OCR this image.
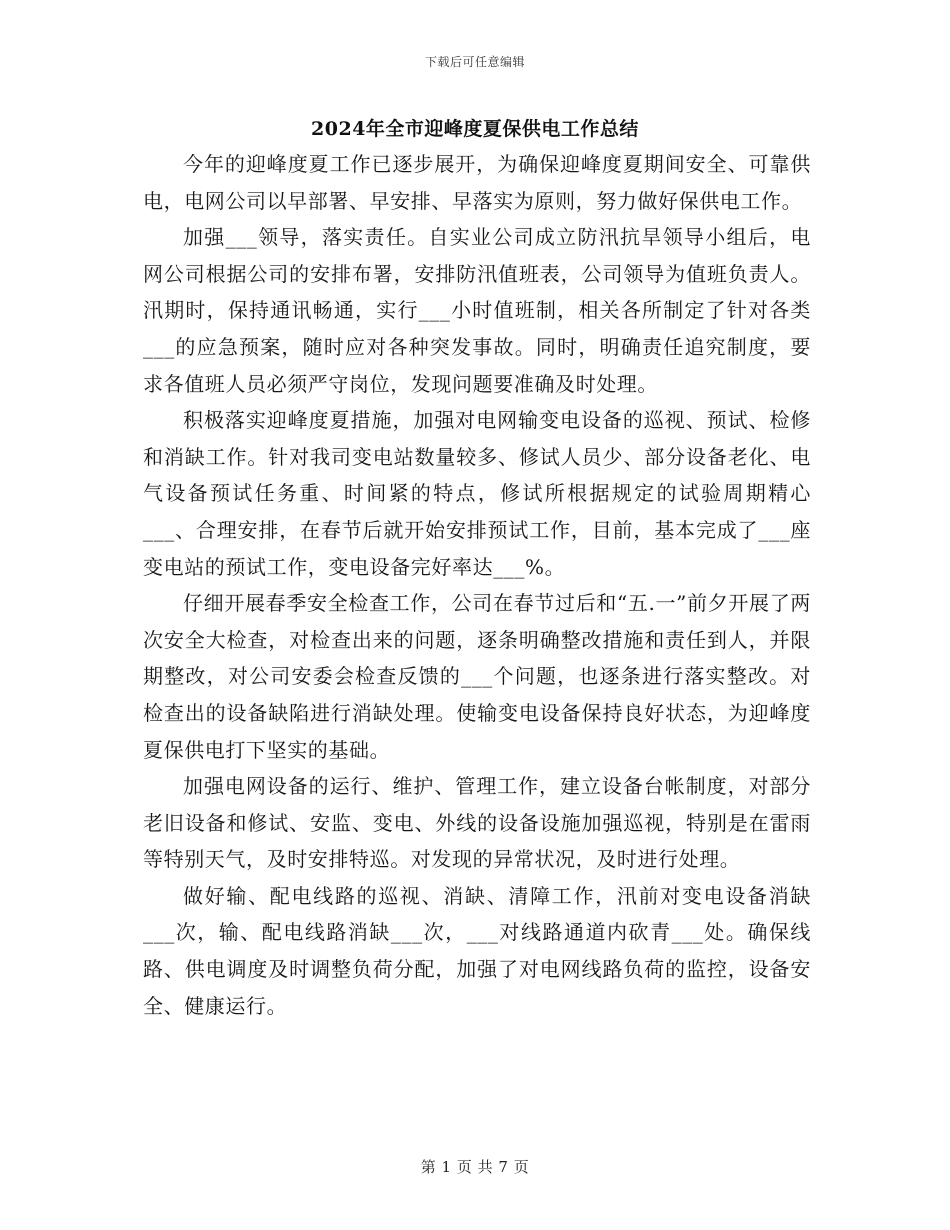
下载后可任意编辑
2024年全市迎峰度夏保供电工作总结

今年的迎峰度夏工作已逐步展开，为确保迎峰度夏期间安全、可靠供电，电网公司以早部署、早安排、早落实为原则，努力做好保供电工作。

加强___领导，落实责任。自实业公司成立防汛抗旱领导小组后，电网公司根据公司的安排布署，安排防汛值班表，公司领导为值班负责人。汛期时，保持通讯畅通，实行___小时值班制，相关各所制定了针对各类___的应急预案，随时应对各种突发事故。同时，明确责任追究制度，要求各值班人员必须严守岗位，发现问题要准确及时处理。

积极落实迎峰度夏措施，加强对电网输变电设备的巡视、预试、检修和消缺工作。针对我司变电站数量较多、修试人员少、部分设备老化、电气设备预试任务重、时间紧的特点，修试所根据规定的试验周期精心___、合理安排，在春节后就开始安排预试工作，目前，基本完成了___座变电站的预试工作，变电设备完好率达___%。

仔细开展春季安全检查工作，公司在春节过后和“五.一”前夕开展了两次安全大检查，对检查出来的问题，逐条明确整改措施和责任到人，并限期整改，对公司安委会检查反馈的___个问题，也逐条进行落实整改。对检查出的设备缺陷进行消缺处理。使输变电设备保持良好状态，为迎峰度夏保供电打下坚实的基础。

加强电网设备的运行、维护、管理工作，建立设备台帐制度，对部分老旧设备和修试、安监、变电、外线的设备设施加强巡视，特别是在雷雨等特别天气，及时安排特巡。对发现的异常状况，及时进行处理。

做好输、配电线路的巡视、消缺、清障工作，汛前对变电设备消缺___次，输、配电线路消缺___次，___对线路通道内砍青___处。确保线路、供电调度及时调整负荷分配，加强了对电网线路负荷的监控，设备安全、健康运行。

第 1 页 共 7 页
